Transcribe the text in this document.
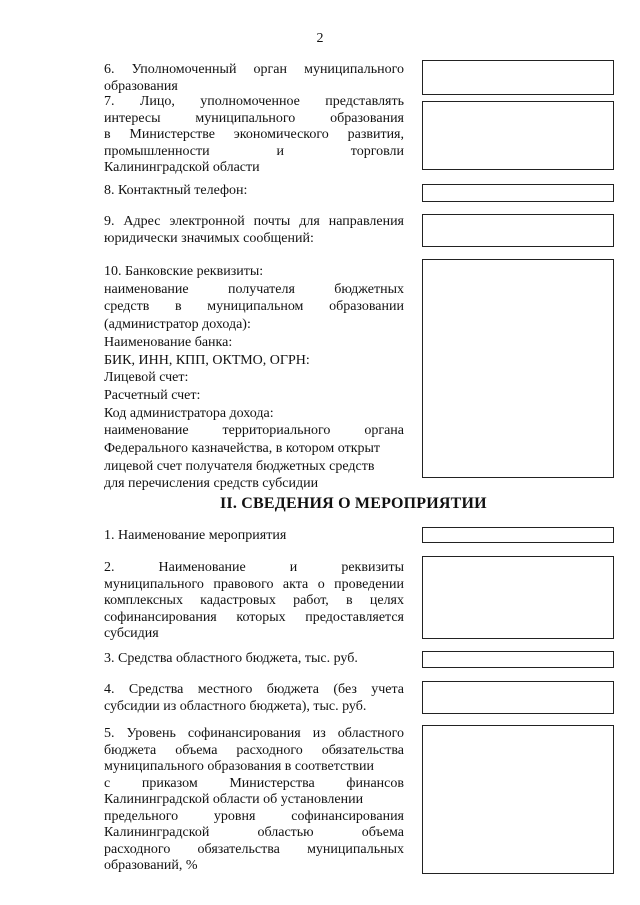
2
6. Уполномоченный орган муниципального
образования
7. Лицо, уполномоченное представлять
интересы муниципального образования
в Министерстве экономического развития,
промышленности и торговли
Калининградской области
8. Контактный телефон:
9. Адрес электронной почты для направления
юридически значимых сообщений:
10. Банковские реквизиты:
наименование получателя бюджетных
средств в муниципальном образовании
(администратор дохода):
Наименование банка:
БИК, ИНН, КПП, ОКТМО, ОГРН:
Лицевой счет:
Расчетный счет:
Код администратора дохода:
наименование территориального органа
Федерального казначейства, в котором открыт
лицевой счет получателя бюджетных средств
для перечисления средств субсидии
II. СВЕДЕНИЯ О МЕРОПРИЯТИИ
1. Наименование мероприятия
2. Наименование и реквизиты
муниципального правового акта о проведении
комплексных кадастровых работ, в целях
софинансирования которых предоставляется
субсидия
3. Средства областного бюджета, тыс. руб.
4. Средства местного бюджета (без учета
субсидии из областного бюджета), тыс. руб.
5. Уровень софинансирования из областного
бюджета объема расходного обязательства
муниципального образования в соответствии
с приказом Министерства финансов
Калининградской области об установлении
предельного уровня софинансирования
Калининградской областью объема
расходного обязательства муниципальных
образований, %
